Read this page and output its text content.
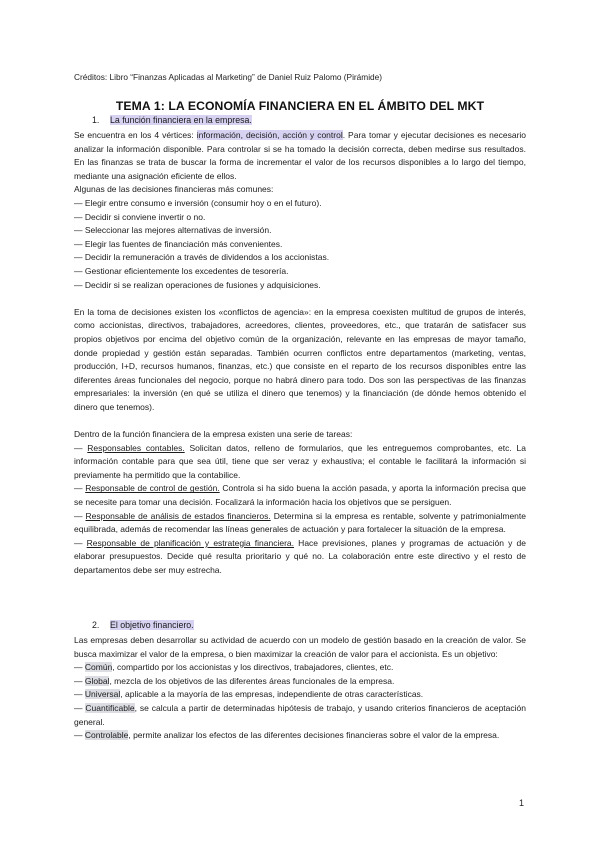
Créditos: Libro “Finanzas Aplicadas al Marketing” de Daniel Ruiz Palomo (Pirámide)
TEMA 1: LA ECONOMÍA FINANCIERA EN EL ÁMBITO DEL MKT
1. La función financiera en la empresa.

Se encuentra en los 4 vértices: información, decisión, acción y control. Para tomar y ejecutar decisiones es necesario analizar la información disponible. Para controlar si se ha tomado la decisión correcta, deben medirse sus resultados. En las finanzas se trata de buscar la forma de incrementar el valor de los recursos disponibles a lo largo del tiempo, mediante una asignación eficiente de ellos.

Algunas de las decisiones financieras más comunes:

— Elegir entre consumo e inversión (consumir hoy o en el futuro).

— Decidir si conviene invertir o no.

— Seleccionar las mejores alternativas de inversión.

— Elegir las fuentes de financiación más convenientes.

— Decidir la remuneración a través de dividendos a los accionistas.

— Gestionar eficientemente los excedentes de tesorería.

— Decidir si se realizan operaciones de fusiones y adquisiciones.

En la toma de decisiones existen los «conflictos de agencia»: en la empresa coexisten multitud de grupos de interés, como accionistas, directivos, trabajadores, acreedores, clientes, proveedores, etc., que tratarán de satisfacer sus propios objetivos por encima del objetivo común de la organización, relevante en las empresas de mayor tamaño, donde propiedad y gestión están separadas. También ocurren conflictos entre departamentos (marketing, ventas, producción, I+D, recursos humanos, finanzas, etc.) que consiste en el reparto de los recursos disponibles entre las diferentes áreas funcionales del negocio, porque no habrá dinero para todo. Dos son las perspectivas de las finanzas empresariales: la inversión (en qué se utiliza el dinero que tenemos) y la financiación (de dónde hemos obtenido el dinero que tenemos).

Dentro de la función financiera de la empresa existen una serie de tareas:

— Responsables contables. Solicitan datos, relleno de formularios, que les entreguemos comprobantes, etc. La información contable para que sea útil, tiene que ser veraz y exhaustiva; el contable le facilitará la información si previamente ha permitido que la contabilice.

— Responsable de control de gestión. Controla si ha sido buena la acción pasada, y aporta la información precisa que se necesite para tomar una decisión. Focalizará la información hacia los objetivos que se persiguen.

— Responsable de análisis de estados financieros. Determina si la empresa es rentable, solvente y patrimonialmente equilibrada, además de recomendar las líneas generales de actuación y para fortalecer la situación de la empresa.

— Responsable de planificación y estrategia financiera. Hace previsiones, planes y programas de actuación y de elaborar presupuestos. Decide qué resulta prioritario y qué no. La colaboración entre este directivo y el resto de departamentos debe ser muy estrecha.

2. El objetivo financiero.

Las empresas deben desarrollar su actividad de acuerdo con un modelo de gestión basado en la creación de valor. Se busca maximizar el valor de la empresa, o bien maximizar la creación de valor para el accionista. Es un objetivo:

— Común, compartido por los accionistas y los directivos, trabajadores, clientes, etc.

— Global, mezcla de los objetivos de las diferentes áreas funcionales de la empresa.

— Universal, aplicable a la mayoría de las empresas, independiente de otras características.

— Cuantificable, se calcula a partir de determinadas hipótesis de trabajo, y usando criterios financieros de aceptación general.

— Controlable, permite analizar los efectos de las diferentes decisiones financieras sobre el valor de la empresa.

1
